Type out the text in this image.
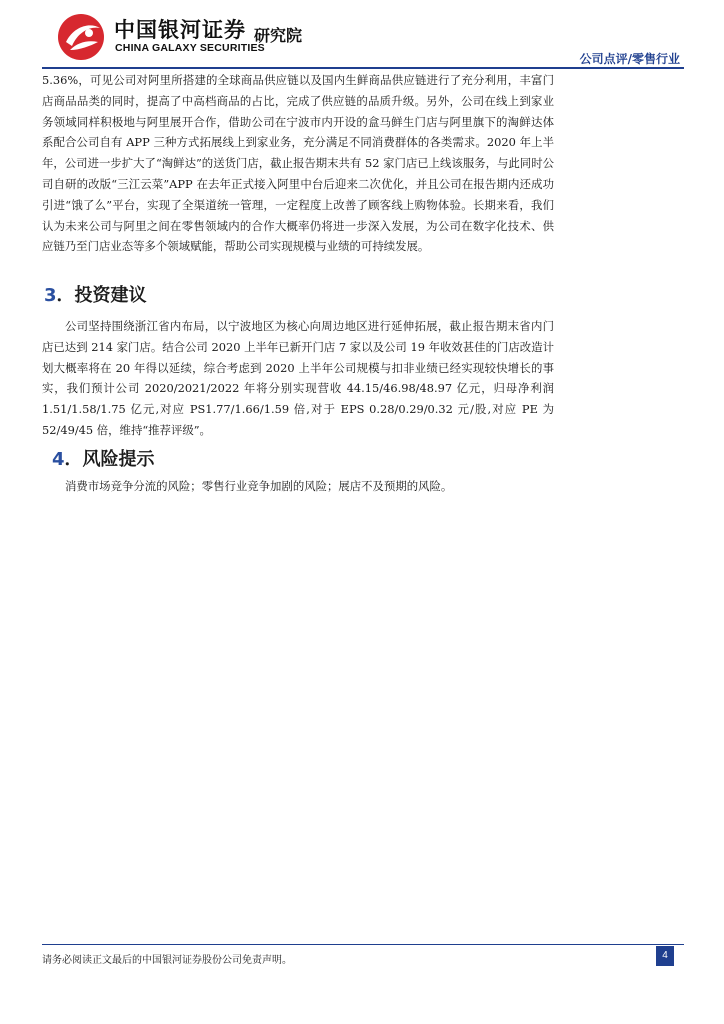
中国银河证券
CHINA GALAXY SECURITIES
研究院
公司点评/零售行业

5.36%，可见公司对阿里所搭建的全球商品供应链以及国内生鲜商品供应链进行了充分利用，丰富门店商品品类的同时，提高了中高档商品的占比，完成了供应链的品质升级。另外，公司在线上到家业务领域同样积极地与阿里展开合作，借助公司在宁波市内开设的盒马鲜生门店与阿里旗下的淘鲜达体系配合公司自有 APP 三种方式拓展线上到家业务，充分满足不同消费群体的各类需求。2020 年上半年，公司进一步扩大了“淘鲜达”的送货门店，截止报告期末共有 52 家门店已上线该服务，与此同时公司自研的改版“三江云菜”APP 在去年正式接入阿里中台后迎来二次优化，并且公司在报告期内还成功引进“饿了么”平台，实现了全渠道统一管理，一定程度上改善了顾客线上购物体验。长期来看，我们认为未来公司与阿里之间在零售领域内的合作大概率仍将进一步深入发展，为公司在数字化技术、供应链乃至门店业态等多个领域赋能，帮助公司实现规模与业绩的可持续发展。

3．投资建议

公司坚持围绕浙江省内布局，以宁波地区为核心向周边地区进行延伸拓展，截止报告期末省内门店已达到 214 家门店。结合公司 2020 上半年已新开门店 7 家以及公司 19 年收效甚佳的门店改造计划大概率将在 20 年得以延续，综合考虑到 2020 上半年公司规模与扣非业绩已经实现较快增长的事实，我们预计公司 2020/2021/2022 年将分别实现营收 44.15/46.98/48.97 亿元，归母净利润 1.51/1.58/1.75 亿元,对应 PS1.77/1.66/1.59 倍,对于 EPS 0.28/0.29/0.32 元/股,对应 PE 为 52/49/45 倍，维持“推荐评级”。

4．风险提示

消费市场竞争分流的风险；零售行业竞争加剧的风险；展店不及预期的风险。

请务必阅读正文最后的中国银河证券股份公司免责声明。	4
